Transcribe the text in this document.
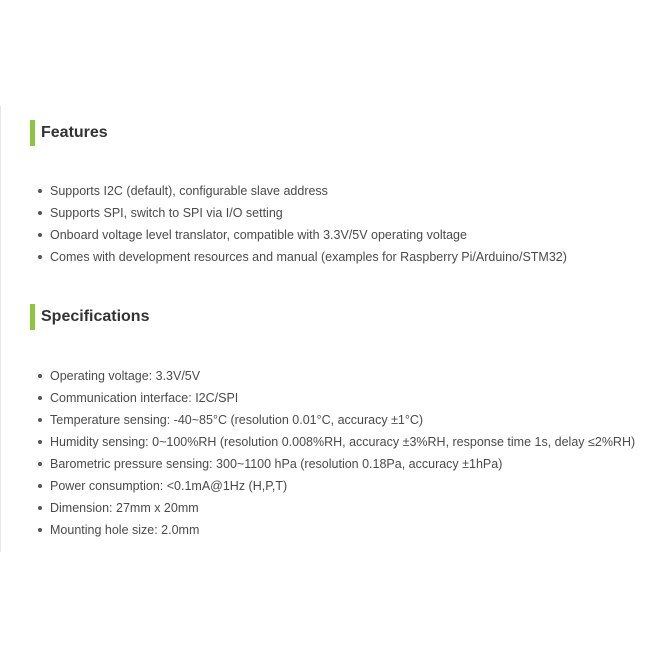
Features
Supports I2C (default), configurable slave address
Supports SPI, switch to SPI via I/O setting
Onboard voltage level translator, compatible with 3.3V/5V operating voltage
Comes with development resources and manual (examples for Raspberry Pi/Arduino/STM32)
Specifications
Operating voltage: 3.3V/5V
Communication interface: I2C/SPI
Temperature sensing: -40~85°C (resolution 0.01°C, accuracy ±1°C)
Humidity sensing: 0~100%RH (resolution 0.008%RH, accuracy ±3%RH, response time 1s, delay ≤2%RH)
Barometric pressure sensing: 300~1100 hPa (resolution 0.18Pa, accuracy ±1hPa)
Power consumption: <0.1mA@1Hz (H,P,T)
Dimension: 27mm x 20mm
Mounting hole size: 2.0mm
